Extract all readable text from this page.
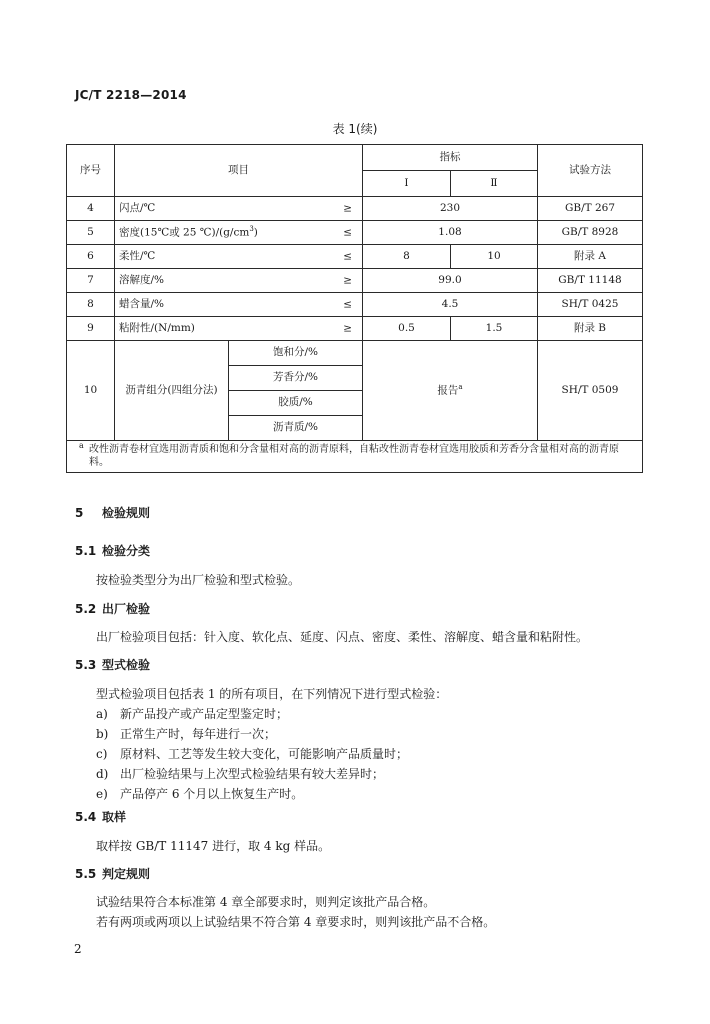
JC/T 2218—2014
表 1(续)
序号	项目		指标		试验方法
			Ⅰ	Ⅱ	
4	闪点/℃ ≥		230		GB/T 267
5	密度(15℃或 25 $℃)/(g/cm^3)$ ≤		1.08		GB/T 8928
6	柔性/℃ ≤		8	10	附录 A
7	溶解度/% ≥		99.0		GB/T 11148
8	蜡含量/% ≤		4.5		SH/T 0425
9	粘附性/(N/mm) ≥		0.5	1.5	附录 B
10	沥青组分(四组分法)	饱和分/%	报告$^a$		SH/T 0509
		芳香分/%			
		胶质/%			
		沥青质/%			

a 改性沥青卷材宜选用沥青质和饱和分含量相对高的沥青原料，自粘改性沥青卷材宜选用胶质和芳香分含量相对高的沥青原料。					
5 检验规则
5.1 检验分类
按检验类型分为出厂检验和型式检验。
5.2 出厂检验
出厂检验项目包括：针入度、软化点、延度、闪点、密度、柔性、溶解度、蜡含量和粘附性。
5.3 型式检验
型式检验项目包括表 1 的所有项目，在下列情况下进行型式检验：
a) 新产品投产或产品定型鉴定时；
b) 正常生产时，每年进行一次；
c) 原材料、工艺等发生较大变化，可能影响产品质量时；
d) 出厂检验结果与上次型式检验结果有较大差异时；
e) 产品停产 6 个月以上恢复生产时。
5.4 取样
取样按 GB/T 11147 进行，取 4 kg 样品。
5.5 判定规则
试验结果符合本标准第 4 章全部要求时，则判定该批产品合格。
若有两项或两项以上试验结果不符合第 4 章要求时，则判该批产品不合格。
2
